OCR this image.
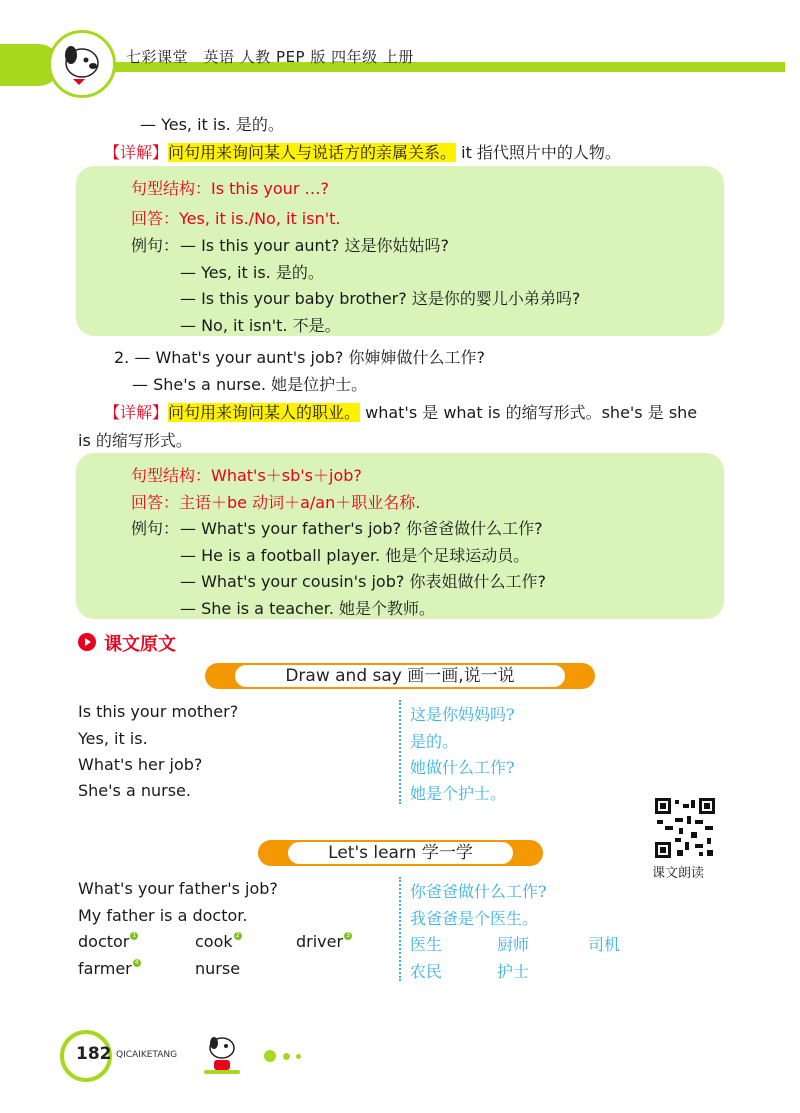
七彩课堂　英语 人教 PEP 版 四年级 上册
— Yes, it is. 是的。
【详解】问句用来询问某人与说话方的亲属关系。 it 指代照片中的人物。
句型结构：Is this your …?
回答：Yes, it is./No, it isn't.
例句： — Is this your aunt? 这是你姑姑吗?
— Yes, it is. 是的。
— Is this your baby brother? 这是你的婴儿小弟弟吗?
— No, it isn't. 不是。
2. — What's your aunt's job? 你婶婶做什么工作?
— She's a nurse. 她是位护士。
【详解】问句用来询问某人的职业。 what's 是 what is 的缩写形式。she's 是 she
is 的缩写形式。
句型结构：What's＋sb's＋job?
回答：主语＋be 动词＋a/an＋职业名称.
例句： — What's your father's job? 你爸爸做什么工作?
— He is a football player. 他是个足球运动员。
— What's your cousin's job? 你表姐做什么工作?
— She is a teacher. 她是个教师。
课文原文
Draw and say 画一画,说一说
Is this your mother?
Yes, it is.
What's her job?
She's a nurse.
这是你妈妈吗?
是的。
她做什么工作?
她是个护士。
课文朗读
Let's learn 学一学
What's your father's job?
My father is a doctor.
你爸爸做什么工作?
我爸爸是个医生。
doctor 1	cook 2	driver 3
farmer 4	nurse
医生	厨师	司机
农民	护士
182 QICAIKETANG
